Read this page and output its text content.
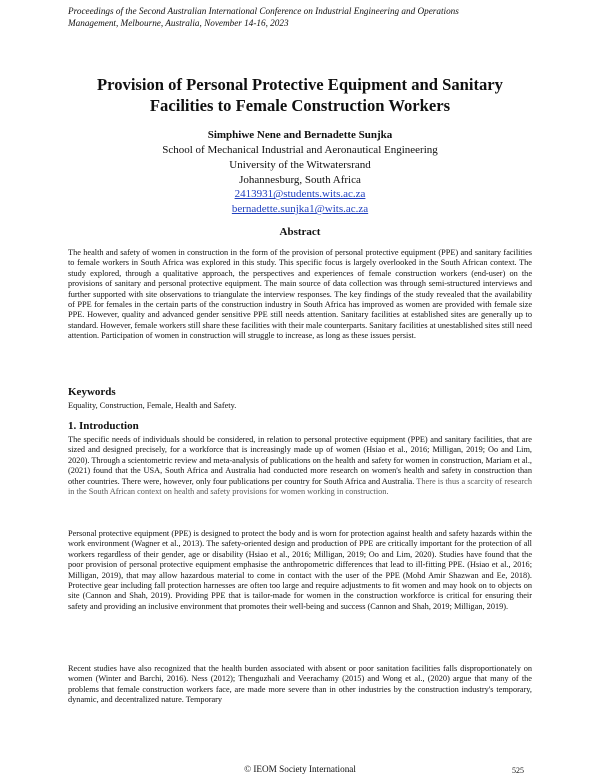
Proceedings of the Second Australian International Conference on Industrial Engineering and Operations
Management, Melbourne, Australia, November 14-16, 2023
Provision of Personal Protective Equipment and Sanitary
Facilities to Female Construction Workers
Simphiwe Nene and Bernadette Sunjka
School of Mechanical Industrial and Aeronautical Engineering
University of the Witwatersrand
Johannesburg, South Africa
2413931@students.wits.ac.za
bernadette.sunjka1@wits.ac.za
Abstract
The health and safety of women in construction in the form of the provision of personal protective equipment (PPE) and sanitary facilities to female workers in South Africa was explored in this study. This specific focus is largely overlooked in the South African context. The study explored, through a qualitative approach, the perspectives and experiences of female construction workers (end-user) on the provisions of sanitary and personal protective equipment. The main source of data collection was through semi-structured interviews and further supported with site observations to triangulate the interview responses. The key findings of the study revealed that the availability of PPE for females in the certain parts of the construction industry in South Africa has improved as women are provided with female size PPE. However, quality and advanced gender sensitive PPE still needs attention. Sanitary facilities at established sites are generally up to standard. However, female workers still share these facilities with their male counterparts. Sanitary facilities at unestablished sites still need attention. Participation of women in construction will struggle to increase, as long as these issues persist.
Keywords
Equality, Construction, Female, Health and Safety.
1. Introduction
The specific needs of individuals should be considered, in relation to personal protective equipment (PPE) and sanitary facilities, that are sized and designed precisely, for a workforce that is increasingly made up of women (Hsiao et al., 2016; Milligan, 2019; Oo and Lim, 2020). Through a scientometric review and meta-analysis of publications on the health and safety for women in construction, Mariam et al., (2021) found that the USA, South Africa and Australia had conducted more research on women's health and safety in construction than other countries. There were, however, only four publications per country for South Africa and Australia. There is thus a scarcity of research in the South African context on health and safety provisions for women working in construction.
Personal protective equipment (PPE) is designed to protect the body and is worn for protection against health and safety hazards within the work environment (Wagner et al., 2013). The safety-oriented design and production of PPE are critically important for the protection of all workers regardless of their gender, age or disability (Hsiao et al., 2016; Milligan, 2019; Oo and Lim, 2020). Studies have found that the poor provision of personal protective equipment emphasise the anthropometric differences that lead to ill-fitting PPE. (Hsiao et al., 2016; Milligan, 2019), that may allow hazardous material to come in contact with the user of the PPE (Mohd Amir Shazwan and Ee, 2018). Protective gear including fall protection harnesses are often too large and require adjustments to fit women and may hook on to objects on site (Cannon and Shah, 2019). Providing PPE that is tailor-made for women in the construction workforce is critical for ensuring their safety and providing an inclusive environment that promotes their well-being and success (Cannon and Shah, 2019; Milligan, 2019).
Recent studies have also recognized that the health burden associated with absent or poor sanitation facilities falls disproportionately on women (Winter and Barchi, 2016). Ness (2012); Thenguzhali and Veerachamy (2015) and Wong et al., (2020) argue that many of the problems that female construction workers face, are made more severe than in other industries by the construction industry's temporary, dynamic, and decentralized nature. Temporary
© IEOM Society International	525
